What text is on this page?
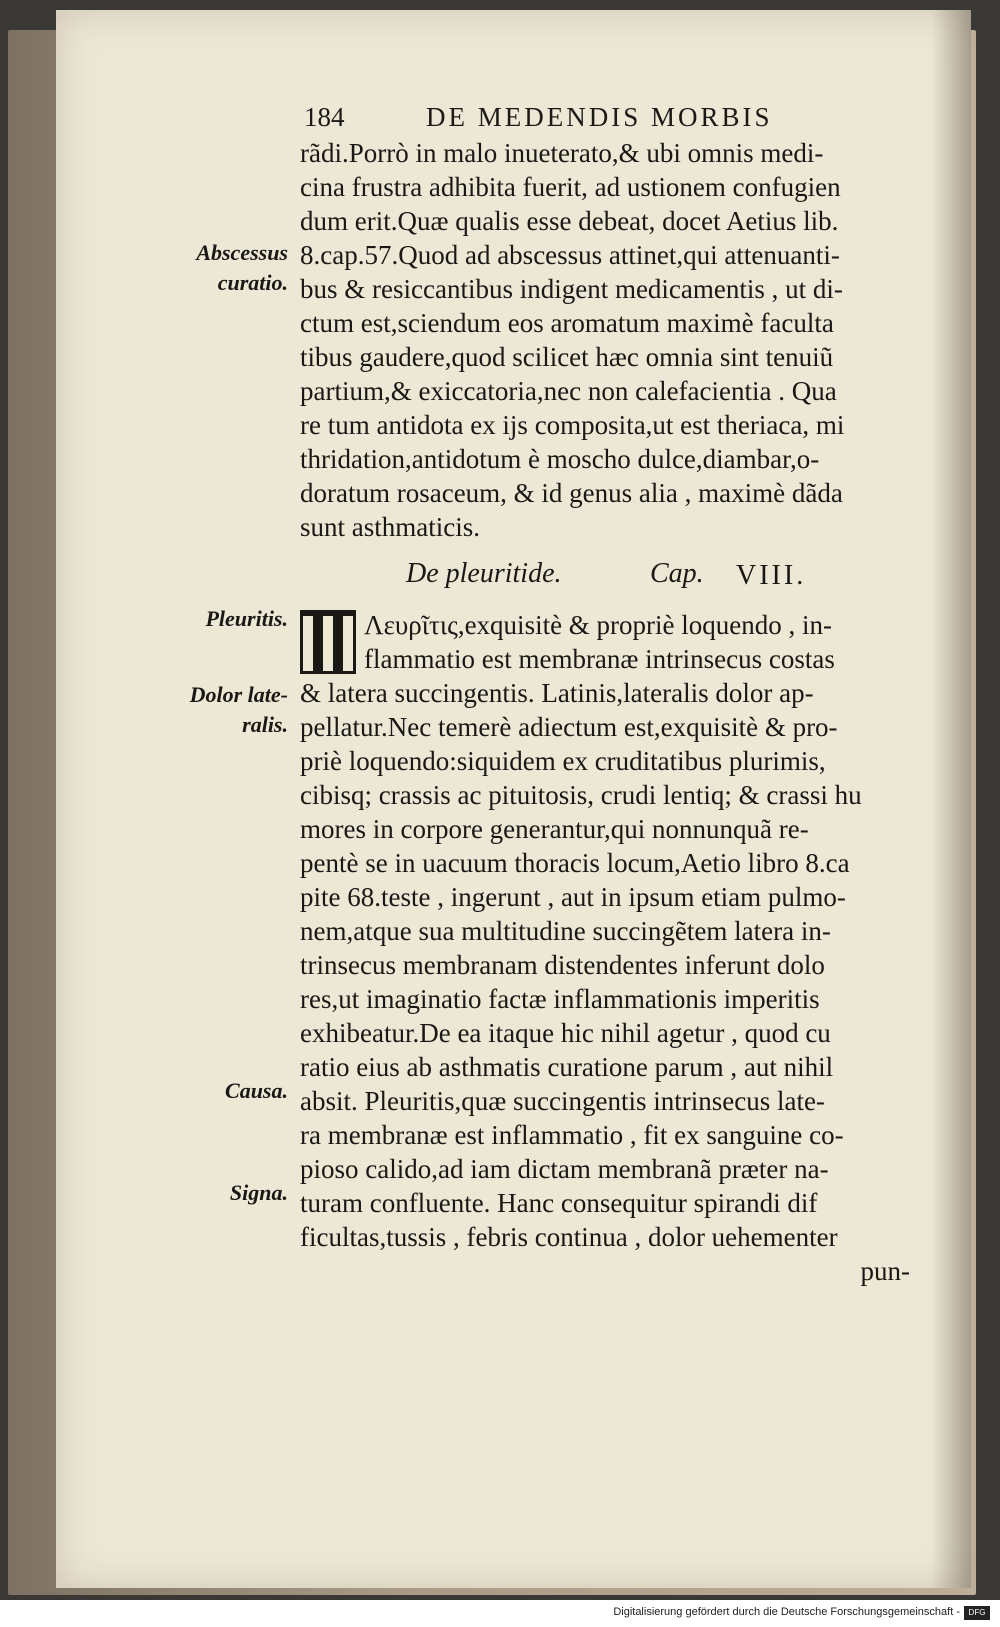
184	DE MEDENDIS MORBIS
Abscessus
curatio.
rãdi.Porrò in malo inueterato,& ubi omnis medi-
cina frustra adhibita fuerit, ad ustionem confugien
dum erit.Quæ qualis esse debeat, docet Aetius lib.
8.cap.57.Quod ad abscessus attinet,qui attenuanti-
bus & resiccantibus indigent medicamentis , ut di-
ctum est,sciendum eos aromatum maximè faculta
tibus gaudere,quod scilicet hæc omnia sint tenuiũ
partium,& exiccatoria,nec non calefacientia . Qua
re tum antidota ex ijs composita,ut est theriaca, mi
thridation,antidotum è moscho dulce,diambar,o-
doratum rosaceum, & id genus alia , maximè dãda
sunt asthmaticis.
De pleuritide.	Cap. VIII.
Pleuritis.
Dolor late-
ralis.
Causa.
Signa.
Λευρῖτις,exquisitè & propriè loquendo , in-
flammatio est membranæ intrinsecus costas
& latera succingentis. Latinis,lateralis dolor ap-
pellatur.Nec temerè adiectum est,exquisitè & pro-
priè loquendo:siquidem ex cruditatibus plurimis,
cibisq; crassis ac pituitosis, crudi lentiq; & crassi hu
mores in corpore generantur,qui nonnunquã re-
pentè se in uacuum thoracis locum,Aetio libro 8.ca
pite 68.teste , ingerunt , aut in ipsum etiam pulmo-
nem,atque sua multitudine succingẽtem latera in-
trinsecus membranam distendentes inferunt dolo
res,ut imaginatio factæ inflammationis imperitis
exhibeatur.De ea itaque hic nihil agetur , quod cu
ratio eius ab asthmatis curatione parum , aut nihil
absit. Pleuritis,quæ succingentis intrinsecus late-
ra membranæ est inflammatio , fit ex sanguine co-
pioso calido,ad iam dictam membranã præter na-
turam confluente. Hanc consequitur spirandi dif
ficultas,tussis , febris continua , dolor uehementer
pun-
Digitalisierung gefördert durch die Deutsche Forschungsgemeinschaft -	DFG
